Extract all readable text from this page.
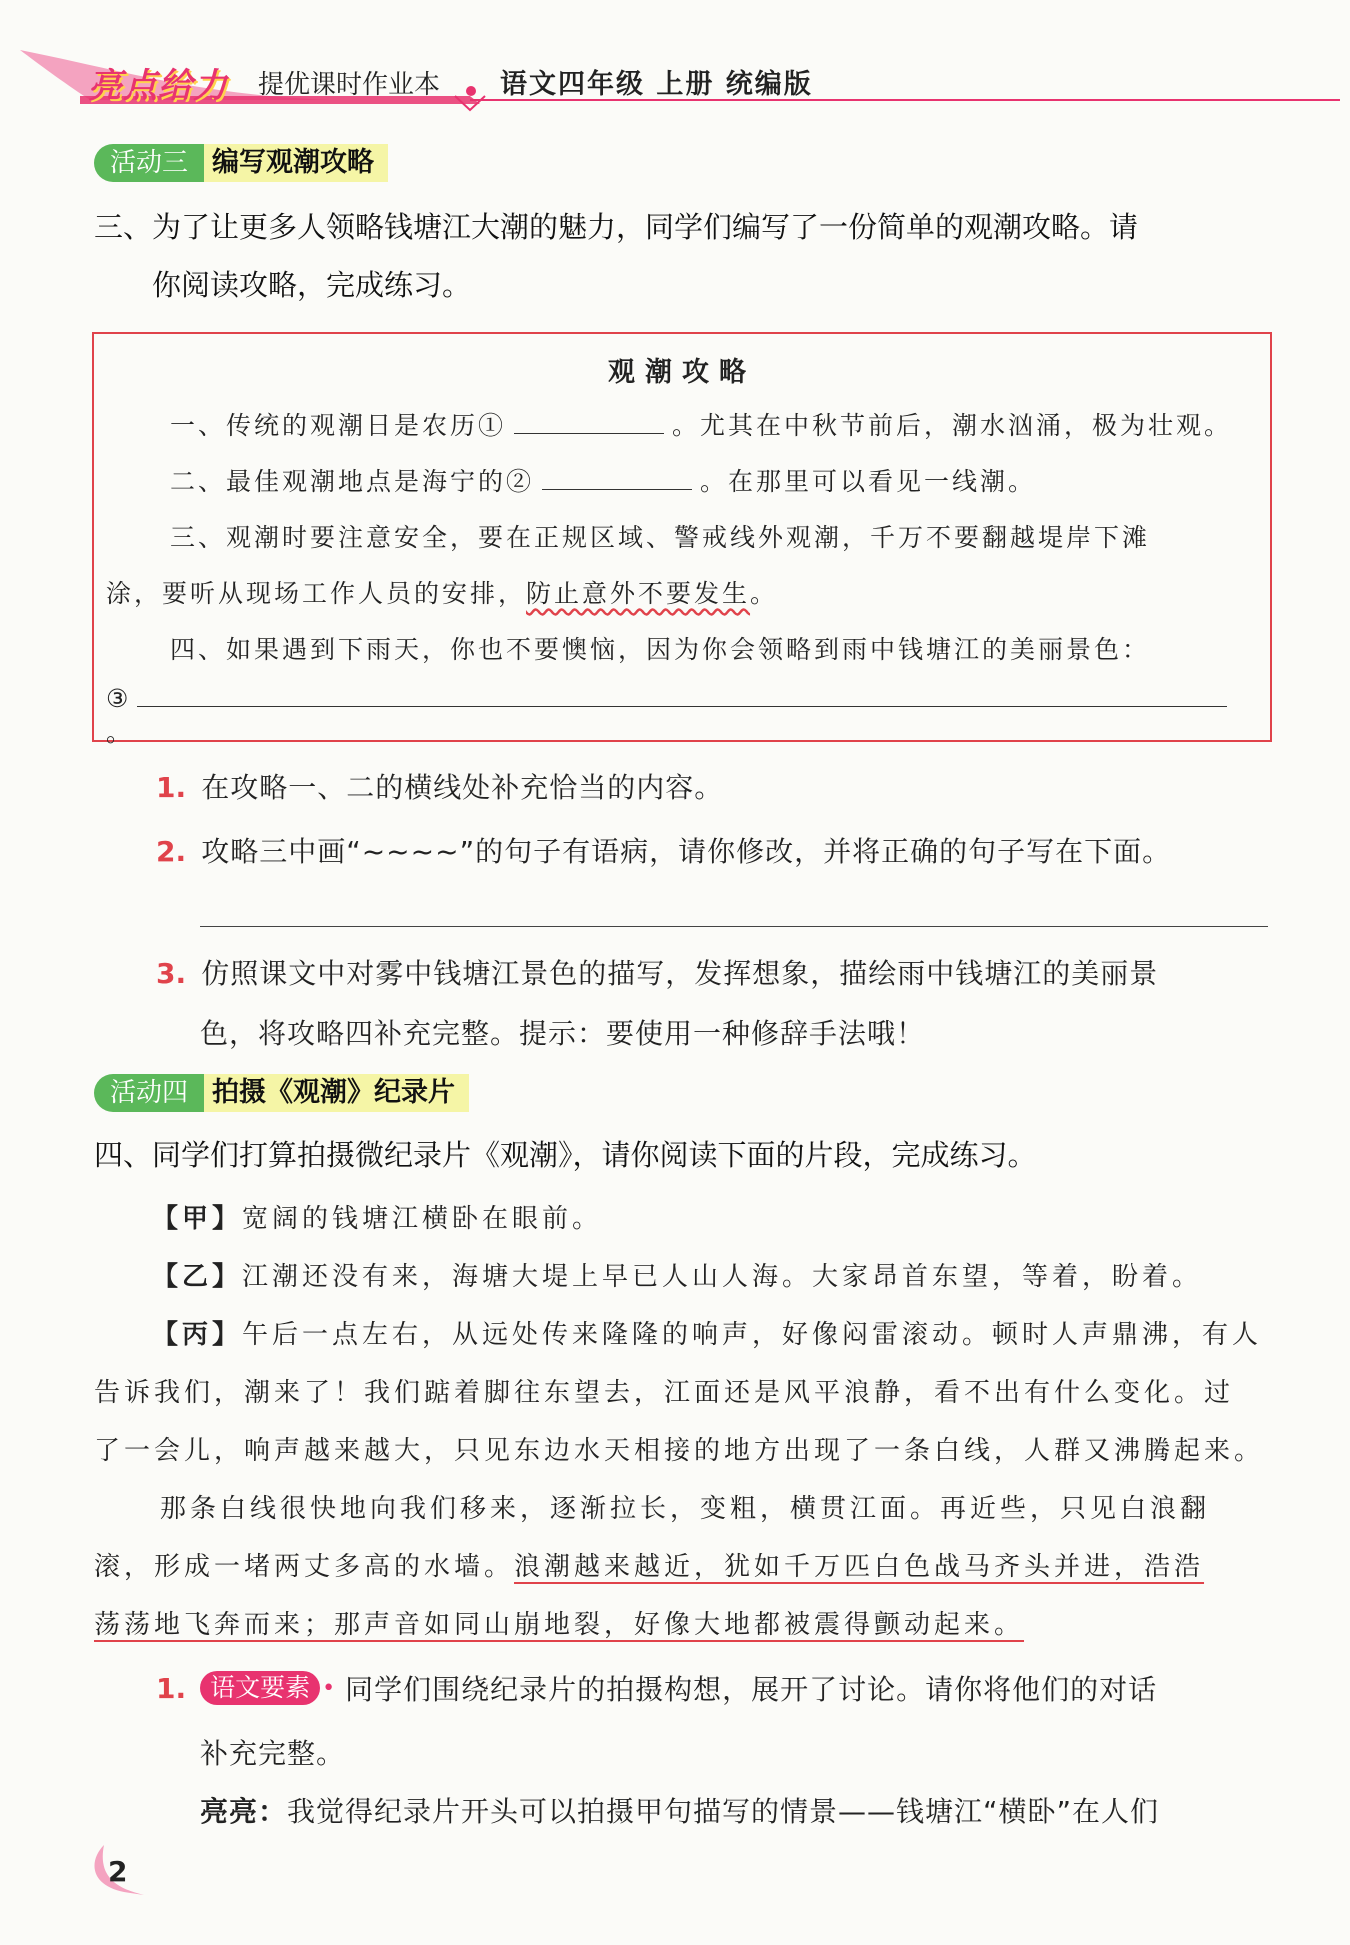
亮点给力 提优课时作业本 语文四年级 上册 统编版
活动三 编写观潮攻略
三、为了让更多人领略钱塘江大潮的魅力，同学们编写了一份简单的观潮攻略。请
你阅读攻略，完成练习。
观潮攻略
一、传统的观潮日是农历①	。尤其在中秋节前后，潮水汹涌，极为壮观。
二、最佳观潮地点是海宁的②	。在那里可以看见一线潮。
三、观潮时要注意安全，要在正规区域、警戒线外观潮，千万不要翻越堤岸下滩
涂，要听从现场工作人员的安排，防止意外不要发生。
四、如果遇到下雨天，你也不要懊恼，因为你会领略到雨中钱塘江的美丽景色：
③。
1. 在攻略一、二的横线处补充恰当的内容。
2. 攻略三中画“~~~~”的句子有语病，请你修改，并将正确的句子写在下面。
3. 仿照课文中对雾中钱塘江景色的描写，发挥想象，描绘雨中钱塘江的美丽景
色，将攻略四补充完整。提示：要使用一种修辞手法哦！
活动四 拍摄《观潮》纪录片
四、同学们打算拍摄微纪录片《观潮》，请你阅读下面的片段，完成练习。
【甲】宽阔的钱塘江横卧在眼前。
【乙】江潮还没有来，海塘大堤上早已人山人海。大家昂首东望，等着，盼着。
【丙】午后一点左右，从远处传来隆隆的响声，好像闷雷滚动。顿时人声鼎沸，有人
告诉我们，潮来了！我们踮着脚往东望去，江面还是风平浪静，看不出有什么变化。过
了一会儿，响声越来越大，只见东边水天相接的地方出现了一条白线，人群又沸腾起来。
那条白线很快地向我们移来，逐渐拉长，变粗，横贯江面。再近些，只见白浪翻
滚，形成一堵两丈多高的水墙。浪潮越来越近，犹如千万匹白色战马齐头并进，浩浩
荡荡地飞奔而来；那声音如同山崩地裂，好像大地都被震得颤动起来。
1. 语文要素 • 同学们围绕纪录片的拍摄构想，展开了讨论。请你将他们的对话
补充完整。
亮亮：我觉得纪录片开头可以拍摄甲句描写的情景——钱塘江“横卧”在人们
2
